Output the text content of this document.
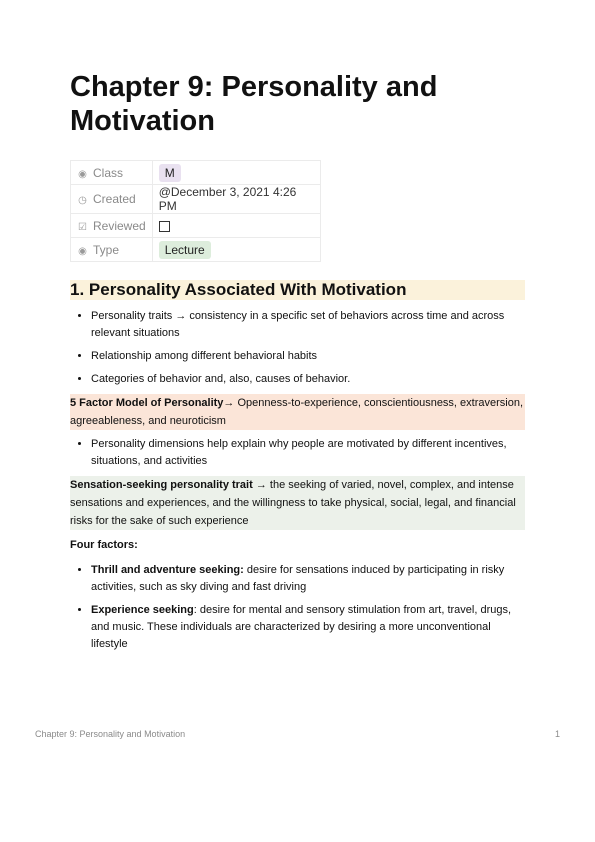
Chapter 9: Personality and Motivation
◉ Class	M
◷ Created	@December 3, 2021 4:26 PM
☑ Reviewed	
◉ Type	Lecture
1. Personality Associated With Motivation
• Personality traits → consistency in a specific set of behaviors across time and across relevant situations
• Relationship among different behavioral habits
• Categories of behavior and, also, causes of behavior.

5 Factor Model of Personality→ Openness-to-experience, conscientiousness, extraversion, agreeableness, and neuroticism

• Personality dimensions help explain why people are motivated by different incentives, situations, and activities

Sensation-seeking personality trait → the seeking of varied, novel, complex, and intense sensations and experiences, and the willingness to take physical, social, legal, and financial risks for the sake of such experience

Four factors:

• Thrill and adventure seeking: desire for sensations induced by participating in risky activities, such as sky diving and fast driving
• Experience seeking: desire for mental and sensory stimulation from art, travel, drugs, and music. These individuals are characterized by desiring a more unconventional lifestyle
Chapter 9: Personality and Motivation	1
